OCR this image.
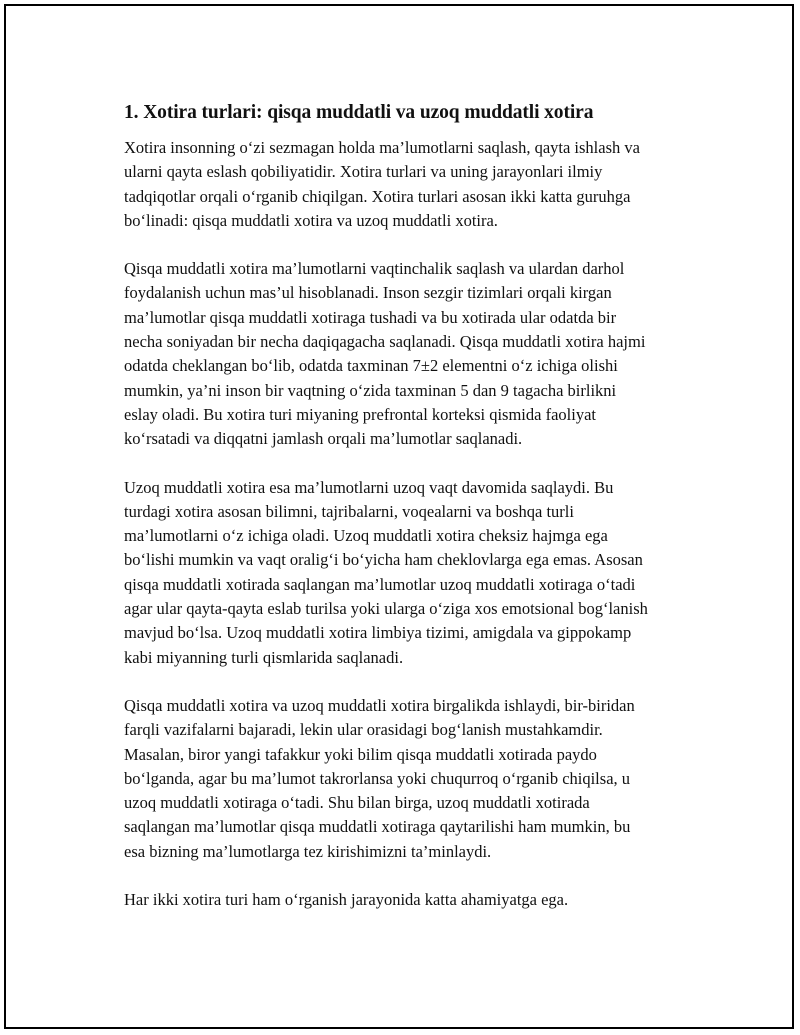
1. Xotira turlari: qisqa muddatli va uzoq muddatli xotira

Xotira insonning o‘zi sezmagan holda ma’lumotlarni saqlash, qayta ishlash va ularni qayta eslash qobiliyatidir. Xotira turlari va uning jarayonlari ilmiy tadqiqotlar orqali o‘rganib chiqilgan. Xotira turlari asosan ikki katta guruhga bo‘linadi: qisqa muddatli xotira va uzoq muddatli xotira.

Qisqa muddatli xotira ma’lumotlarni vaqtinchalik saqlash va ulardan darhol foydalanish uchun mas’ul hisoblanadi. Inson sezgir tizimlari orqali kirgan ma’lumotlar qisqa muddatli xotiraga tushadi va bu xotirada ular odatda bir necha soniyadan bir necha daqiqagacha saqlanadi. Qisqa muddatli xotira hajmi odatda cheklangan bo‘lib, odatda taxminan 7±2 elementni o‘z ichiga olishi mumkin, ya’ni inson bir vaqtning o‘zida taxminan 5 dan 9 tagacha birlikni eslay oladi. Bu xotira turi miyaning prefrontal korteksi qismida faoliyat ko‘rsatadi va diqqatni jamlash orqali ma’lumotlar saqlanadi.

Uzoq muddatli xotira esa ma’lumotlarni uzoq vaqt davomida saqlaydi. Bu turdagi xotira asosan bilimni, tajribalarni, voqealarni va boshqa turli ma’lumotlarni o‘z ichiga oladi. Uzoq muddatli xotira cheksiz hajmga ega bo‘lishi mumkin va vaqt oralig‘i bo‘yicha ham cheklovlarga ega emas. Asosan qisqa muddatli xotirada saqlangan ma’lumotlar uzoq muddatli xotiraga o‘tadi agar ular qayta-qayta eslab turilsa yoki ularga o‘ziga xos emotsional bog‘lanish mavjud bo‘lsa. Uzoq muddatli xotira limbiya tizimi, amigdala va gippokamp kabi miyanning turli qismlarida saqlanadi.

Qisqa muddatli xotira va uzoq muddatli xotira birgalikda ishlaydi, bir-biridan farqli vazifalarni bajaradi, lekin ular orasidagi bog‘lanish mustahkamdir. Masalan, biror yangi tafakkur yoki bilim qisqa muddatli xotirada paydo bo‘lganda, agar bu ma’lumot takrorlansa yoki chuqurroq o‘rganib chiqilsa, u uzoq muddatli xotiraga o‘tadi. Shu bilan birga, uzoq muddatli xotirada saqlangan ma’lumotlar qisqa muddatli xotiraga qaytarilishi ham mumkin, bu esa bizning ma’lumotlarga tez kirishimizni ta’minlaydi.

Har ikki xotira turi ham o‘rganish jarayonida katta ahamiyatga ega.
